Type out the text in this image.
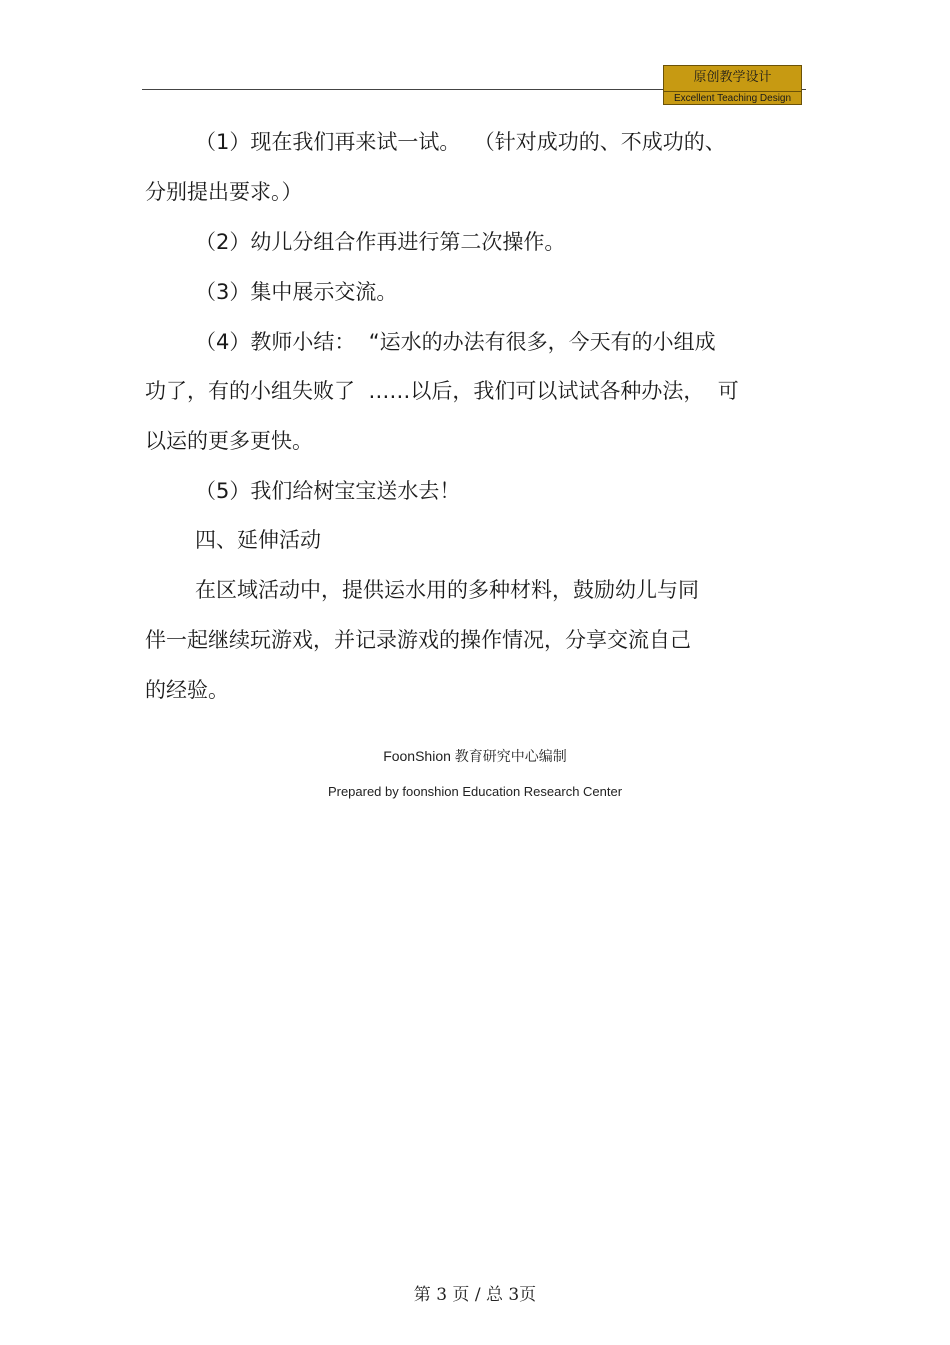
原创教学设计
Excellent Teaching Design
（1）现在我们再来试一试。  （针对成功的、不成功的、
分别提出要求。）
（2）幼儿分组合作再进行第二次操作。
（3）集中展示交流。
（4）教师小结：  “运水的办法有很多，今天有的小组成
功了，有的小组失败了  ……以后，我们可以试试各种办法，  可
以运的更多更快。
（5）我们给树宝宝送水去！
四、延伸活动
在区域活动中，提供运水用的多种材料，鼓励幼儿与同
伴一起继续玩游戏，并记录游戏的操作情况，分享交流自己
的经验。
FoonShion 教育研究中心编制
Prepared by foonshion Education Research Center
第 3 页 / 总 3页
